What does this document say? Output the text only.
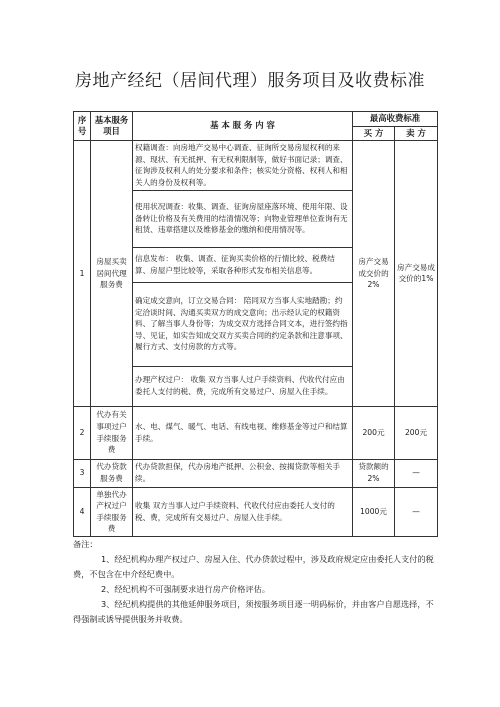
房地产经纪（居间代理）服务项目及收费标准
序号	基本服务项目	基 本 服 务 内 容	最高收费标准	
			买 方	卖 方
1	房屋买卖居间代理服务费	权籍调查：向房地产交易中心调查、征询所交易房屋权利的来源、现状、有无抵押、有无权利限制等，做好书面记录；调查、征询涉及权利人的处分要求和条件；核实处分资格、权利人和相关人的身份及权利等。	房产交易成交价的2%	房产交易成交价的1%
		使用状况调查：收集、调查、征询房屋座落环境、使用年限、设备转让价格及有关费用的结清情况等；向物业管理单位查询有无租赁、违章搭建以及维修基金的缴纳和使用情况等。		
		信息发布： 收集、调查、征询买卖价格的行情比较、税费结算、房屋户型比较等，采取各种形式发布相关信息等。		
		确定成交意向，订立交易合同： 陪同双方当事人实地踏勘；约定洽谈时间、沟通买卖双方的成交意向；出示经认定的权籍资料、了解当事人身份等；为成交双方选择合同文本，进行签约指导、见证，如实告知成交双方买卖合同的约定条款和注意事项、履行方式、支付房款的方式等。		
		办理产权过户： 收集 双方当事人过户手续资料、代收代付应由委托人支付的税、费，完成所有交易过户、房屋入住手续。		
2	代办有关事项过户手续服务费	水、电、煤气、暖气、电话、有线电视、维修基金等过户和结算手续。	200元	200元
3	代办贷款服务费	代办贷款担保，代办房地产抵押、公积金、按揭贷款等相关手续。	贷款额的2%	—
4	单独代办产权过户手续服务费	收集 双方当事人过户手续资料、代收代付应由委托人支付的税、费，完成所有交易过户、房屋入住手续。	1000元	—

备注：

1、经纪机构办理产权过户、房屋入住、代办贷款过程中，涉及政府规定应由委托人支付的税费，不包含在中介经纪费中。

2、经纪机构不可强制要求进行房产价格评估。

3、经纪机构提供的其他延伸服务项目，须按服务项目逐一明码标价，并由客户自愿选择，不得强制或诱导提供服务并收费。
